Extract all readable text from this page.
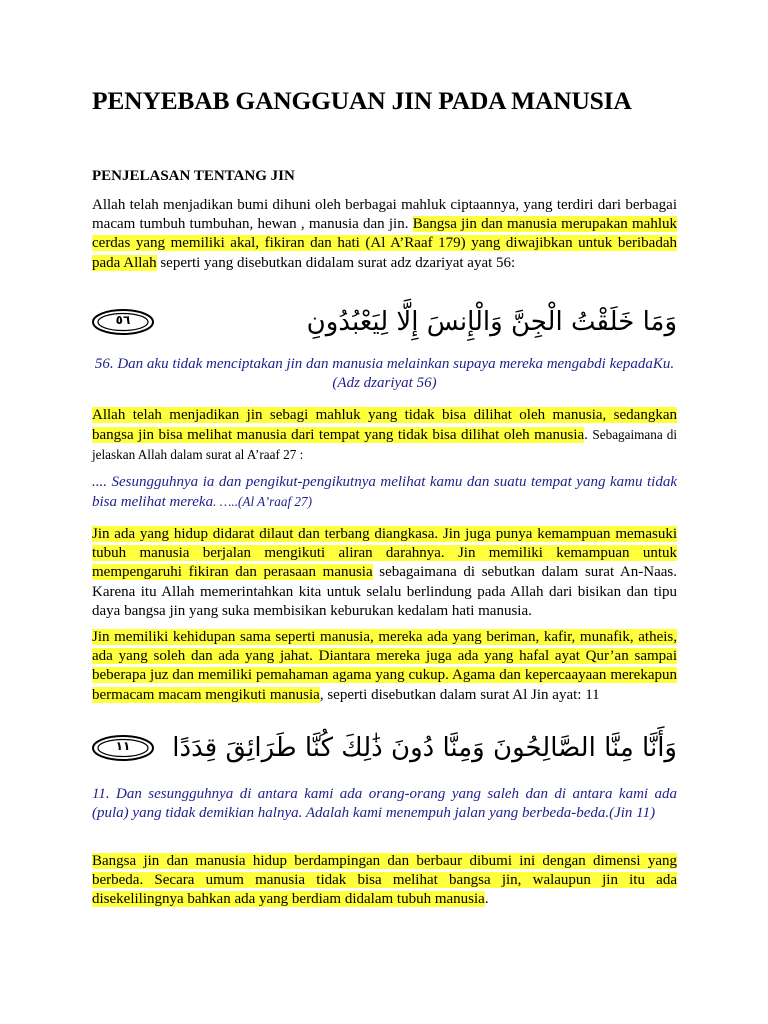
PENYEBAB GANGGUAN JIN PADA MANUSIA
PENJELASAN TENTANG JIN
Allah telah menjadikan bumi dihuni oleh berbagai mahluk ciptaannya, yang terdiri dari berbagai macam tumbuh tumbuhan, hewan , manusia dan jin. Bangsa jin dan manusia merupakan mahluk cerdas yang memiliki akal, fikiran dan hati (Al A’Raaf 179) yang diwajibkan untuk beribadah pada Allah seperti yang disebutkan didalam surat adz dzariyat ayat 56:
وَمَا خَلَقْتُ الْجِنَّ وَالْإِنسَ إِلَّا لِيَعْبُدُونِ
٥٦
56. Dan aku tidak menciptakan jin dan manusia melainkan supaya mereka mengabdi kepadaKu. (Adz dzariyat 56)
Allah telah menjadikan jin sebagi mahluk yang tidak bisa dilihat oleh manusia, sedangkan bangsa jin bisa melihat manusia dari tempat yang tidak bisa dilihat oleh manusia. Sebagaimana di jelaskan Allah dalam surat al A’raaf 27 :
.... Sesungguhnya ia dan pengikut-pengikutnya melihat kamu dan suatu tempat yang kamu tidak bisa melihat mereka. …..(Al A’raaf 27)
Jin ada yang hidup didarat dilaut dan terbang diangkasa. Jin juga punya kemampuan memasuki tubuh manusia berjalan mengikuti aliran darahnya. Jin memiliki kemampuan untuk mempengaruhi fikiran dan perasaan manusia sebagaimana di sebutkan dalam surat An-Naas. Karena itu Allah memerintahkan kita untuk selalu berlindung pada Allah dari bisikan dan tipu daya bangsa jin yang suka membisikan keburukan kedalam hati manusia.
Jin memiliki kehidupan sama seperti manusia, mereka ada yang beriman, kafir, munafik, atheis, ada yang soleh dan ada yang jahat. Diantara mereka juga ada yang hafal ayat Qur’an sampai beberapa juz dan memiliki pemahaman agama yang cukup. Agama dan kepercaayaan merekapun bermacam macam mengikuti manusia, seperti disebutkan dalam surat Al Jin ayat: 11
وَأَنَّا مِنَّا الصَّالِحُونَ وَمِنَّا دُونَ ذَٰلِكَ كُنَّا طَرَائِقَ قِدَدًا
١١
11. Dan sesungguhnya di antara kami ada orang-orang yang saleh dan di antara kami ada (pula) yang tidak demikian halnya. Adalah kami menempuh jalan yang berbeda-beda.(Jin 11)
Bangsa jin dan manusia hidup berdampingan dan berbaur dibumi ini dengan dimensi yang berbeda. Secara umum manusia tidak bisa melihat bangsa jin, walaupun jin itu ada disekelilingnya bahkan ada yang berdiam didalam tubuh manusia.
